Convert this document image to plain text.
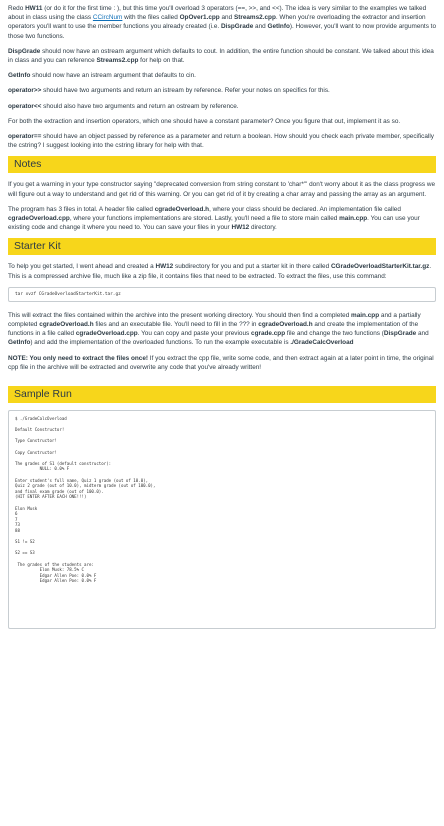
Redo HW11 (or do it for the first time : ), but this time you'll overload 3 operators (==, >>, and <<). The idea is very similar to the examples we talked about in class using the class CCircNum with the files called OpOver1.cpp and Streams2.cpp. When you're overloading the extractor and insertion operators you'll want to use the member functions you already created (i.e. DispGrade and GetInfo). However, you'll want to now provide arguments to those two functions.

DispGrade should now have an ostream argument which defaults to cout. In addition, the entire function should be constant. We talked about this idea in class and you can reference Streams2.cpp for help on that.

GetInfo should now have an istream argument that defaults to cin.

operator>> should have two arguments and return an istream by reference. Refer your notes on specifics for this.

operator<< should also have two arguments and return an ostream by reference.

For both the extraction and insertion operators, which one should have a constant parameter? Once you figure that out, implement it as so.

operator== should have an object passed by reference as a parameter and return a boolean. How should you check each private member, specifically the cstring? I suggest looking into the cstring library for help with that.

Notes

If you get a warning in your type constructor saying "deprecated conversion from string constant to 'char*'" don't worry about it as the class progress we will figure out a way to understand and get rid of this warning. Or you can get rid of it by creating a char array and passing the array as an argument.

The program has 3 files in total. A header file called cgradeOverload.h, where your class should be declared. An implementation file called cgradeOverload.cpp, where your functions implementations are stored. Lastly, you'll need a file to store main called main.cpp. You can use your existing code and change it where you need to. You can save your files in your HW12 directory.

Starter Kit

To help you get started, I went ahead and created a HW12 subdirectory for you and put a starter kit in there called CGradeOverloadStarterKit.tar.gz. This is a compressed archive file, much like a zip file, it contains files that need to be extracted. To extract the files, use this command:

tar xvzf CGradeOverloadStarterKit.tar.gz

This will extract the files contained within the archive into the present working directory. You should then find a completed main.cpp and a partially completed cgradeOverload.h files and an executable file. You'll need to fill in the ??? in cgradeOverload.h and create the implementation of the functions in a file called cgradeOverload.cpp. You can copy and paste your previous cgrade.cpp file and change the two functions (DispGrade and GetInfo) and add the implementation of the overloaded functions. To run the example executable is ./GradeCalcOverload

NOTE: You only need to extract the files once! If you extract the cpp file, write some code, and then extract again at a later point in time, the original cpp file in the archive will be extracted and overwrite any code that you've already written!

Sample Run
$ ./GradeCalcOverload

Default Constructor!

Type Constructor!

Copy Constructor!

The grades of S1 (default constructor):
NULL: 0.0% F

Enter student's full name, Quiz 1 grade (out of 10.0),
Quiz 2 grade (out of 10.0), midterm grade (out of 100.0),
and final exam grade (out of 100.0).
(HIT ENTER AFTER EACH ONE!!!)

Elon Musk
6
7
73
88

S1 != S2

S2 == S3

The grades of the students are:
Elon Musk: 78.5% C
Edgar Allen Poe: 0.0% F
Edgar Allen Poe: 0.0% F
